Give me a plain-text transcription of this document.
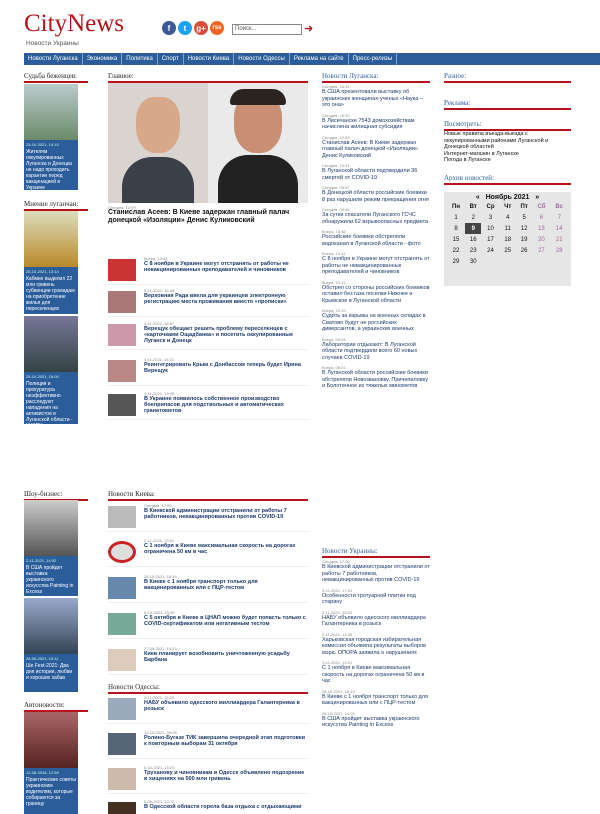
CityNews
Новости Украины
f	t	g+	rss	Поиск...	➜
Новости Луганска	Экономика	Политика	Спорт	Новости Киева	Новости Одессы	Реклама на сайте	Пресс-релизы
Судьба беженцев:
25-10-2021, 14:10
Жителям оккупированных Луганска и Донецка не надо проходить карантин перед вакцинацией в Украине
Мнение луганчан:
25-10-2021, 13:14
Кабмин выделил 22 млн гривень субвенции громадам на приобретение жилья для переселенцев
25-10-2021, 16:00
Полиция и прокуратура неэффективно расследуют нападения на активистов в Луганской области - УКСПЧ
Шоу-бизнес:
2-11-2021, 14:02
В США пройдет выставка украинского искусства Painting in Excess
26-06-2021, 10:11
Ше Fest-2021: Два дня истории, любви и хороших забав
Автоновости:
12-08-2016, 12:59
Практические советы украинским водителям, которые собираются за границу
Главное:
Сегодня, 12:09
Станислав Асеев: В Киеве задержан главный палач донецкой «Изоляции» Денис Куликовский
Вчера, 13:53
С 8 ноября в Украине могут отстранять от работы не невакцинированных преподавателей и чиновников
5-11-2021, 15:48
Верховная Рада ввела для украинцев электронную регистрацию места проживания вместо «прописки»
4-11-2021, 18:57
Верещук обещает решить проблему переселенцев с «карточками Ощадбанка» и посетить оккупированные Луганск и Донецк
4-11-2021, 14:21
Реинтегрировать Крым с Донбассом теперь будет Ирина Верещук
4-11-2021, 13:09
В Украине появилось собственное производство боеприпасов для подствольных и автоматических гранатометов
Новости Киева:
Сегодня, 17:05
В Киевской администрации отстранили от работы 7 работников, невакцинированных против COVID-19
2-11-2021, 13:01
С 1 ноября в Киеве максимальная скорость на дорогах ограничена 50 км в час
28-10-2021, 18:19
В Киеве с 1 ноября транспорт только для вакцинированных или с ПЦР-тестом
5-10-2021, 15:39
С 5 октября в Киеве в ЦНАП можно будет попасть только с COVID-сертификатом или негативным тестом
27-09-2021, 15:53
Киев планирует возобновить уничтоженную усадьбу Барбана
Новости Одессы:
3-11-2021, 15:20
НАБУ объявило одесского миллиардера Галантерника в розыск
12-10-2021, 09:05
Ролино-Бугазе ТИК завершила очередной этап подготовки к повторным выборам 31 октября
6-10-2021, 15:20
Труханову и чиновникам в Одессе объявлено подозрение в хищениях на 500 млн гривень
5-09-2021, 12:12
В Одесской области горела база отдыха с отдыхающими
Новости Луганска:
Сегодня, 16:34
В США презентовали выставку об украинских женщинах-ученых «Наука – это она»
Сегодня, 16:20
В Лисичанске 7543 домохозяйствам начислена жилищная субсидия
Сегодня, 12:09
Станислав Асеев: В Киеве задержан главный палач донецкой «Изоляции» Денис Куликовский
Сегодня, 10:31
В Луганской области подтвердили 36 смертей от COVID-19
Сегодня, 09:57
В Донецкой области российские боевики 8 раз нарушили режим прекращения огня
Сегодня, 09:54
За сутки спасатели Луганского ГСЧС обнаружили 62 взрывоопасных предмета
Вчера, 15:46
Российские боевики обстреляли водоканал в Луганской области - фото
Вчера, 13:31
С 8 ноября в Украине могут отстранять от работы не невакцинированных преподавателей и чиновников
Вчера, 10:21
Обстрел со стороны российских боевиков оставил без газа поселки Нижнее и Крымское в Луганской области
Вчера, 10:19
Судить за взрывы на военных складах в Сватово будут не российских диверсантов, а украинских военных
Вчера, 09:43
Лаборатории отдыхают: В Луганской области подтвердили всего 60 новых случаев COVID-19
Вчера, 08:21
В Луганской области российские боевики обстреляли Новозвановку, Причепиловку и Болотенное из тяжелых минометов
Новости Украины:
Сегодня, 17:05
В Киевской администрации отстранили от работы 7 работников, невакцинированных против COVID-19
3-11-2021, 17:00
Особенности тротуарной плитки под старину
3-11-2021, 15:20
НАБУ объявило одесского миллиардера Галантерника в розыск
2-11-2021, 14:35
Харьковская городская избирательная комиссия объявила результаты выборов мэра. ОПОРА заявила о нарушениях
1-11-2021, 13:01
С 1 ноября в Киеве максимальная скорость на дорогах ограничена 50 км в час
28-10-2021, 18:19
В Киеве с 1 ноября транспорт только для вакцинированных или с ПЦР-тестом
26-10-2021, 14:02
В США пройдет выставка украинского искусства Painting in Excess
Разное:
Реклама:
Посмотреть:
Новые правила въезда-выезда с оккупированными районами Луганской и Донецкой областей
Интернет-магазин в Луганске
Погода в Луганске
Архив новостей:
« Ноябрь 2021 »
Пн	Вт	Ср	Чт	Пт	Сб	Вс
1	2	3	4	5	6	7
8	9	10	11	12	13	14
15	16	17	18	19	20	21
22	23	24	25	26	27	28
29	30					
